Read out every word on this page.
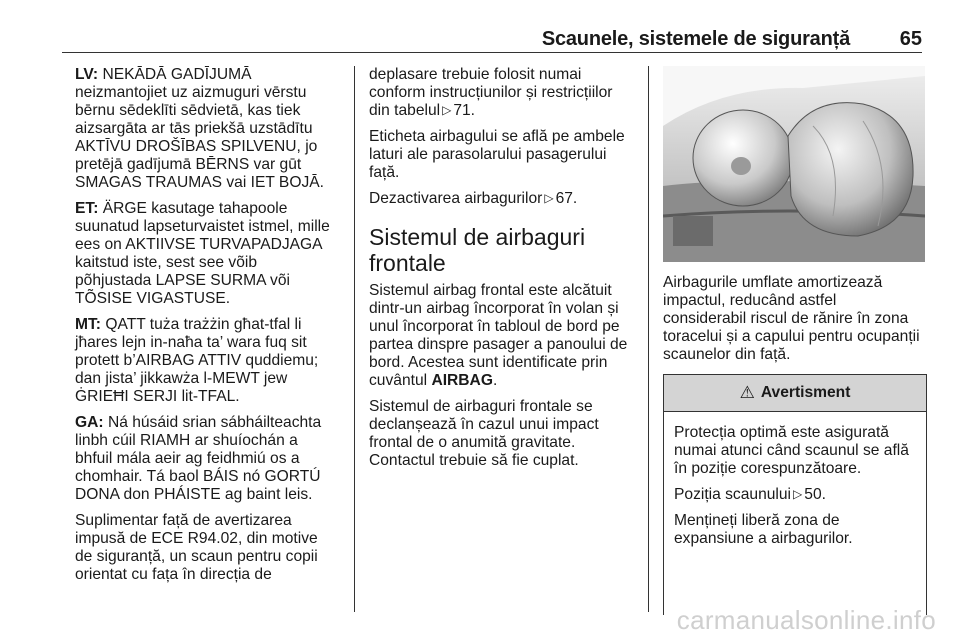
Scaunele, sistemele de siguranță 65

LV: NEKĀDĀ GADĪJUMĀ
neizmantojiet uz aizmuguri vērstu
bērnu sēdeklīti sēdvietā, kas tiek
aizsargāta ar tās priekšā uzstādītu
AKTĪVU DROŠĪBAS SPILVENU, jo
pretējā gadījumā BĒRNS var gūt
SMAGAS TRAUMAS vai IET BOJĀ.

ET: ÄRGE kasutage tahapoole
suunatud lapseturvaistet istmel, mille
ees on AKTIIVSE TURVAPADJAGA
kaitstud iste, sest see võib
põhjustada LAPSE SURMA või
TÕSISE VIGASTUSE.

MT: QATT tuża trażżin għat-tfal li
jħares lejn in-naħa ta’ wara fuq sit
protett b’AIRBAG ATTIV quddiemu;
dan jista’ jikkawża l-MEWT jew
ĠRIEĦI SERJI lit-TFAL.

GA: Ná húsáid srian sábháilteachta
linbh cúil RIAMH ar shuíochán a
bhfuil mála aeir ag feidhmiú os a
chomhair. Tá baol BÁIS nó GORTÚ
DONA don PHÁISTE ag baint leis.

Suplimentar față de avertizarea
impusă de ECE R94.02, din motive
de siguranță, un scaun pentru copii
orientat cu fața în direcția de

deplasare trebuie folosit numai
conform instrucțiunilor și restricțiilor
din tabelul ▷ 71.

Eticheta airbagului se află pe ambele
laturi ale parasolarului pasagerului
față.

Dezactivarea airbagurilor ▷ 67.

Sistemul de airbaguri
frontale

Sistemul airbag frontal este alcătuit
dintr-un airbag încorporat în volan și
unul încorporat în tabloul de bord pe
partea dinspre pasager a panoului de
bord. Acestea sunt identificate prin
cuvântul AIRBAG.

Sistemul de airbaguri frontale se
declanșează în cazul unui impact
frontal de o anumită gravitate.
Contactul trebuie să fie cuplat.

Airbagurile umflate amortizează
impactul, reducând astfel
considerabil riscul de rănire în zona
toracelui și a capului pentru ocupanții
scaunelor din față.

⚠ Avertisment

Protecția optimă este asigurată
numai atunci când scaunul se află
în poziție corespunzătoare.

Poziția scaunului ▷ 50.

Mențineți liberă zona de
expansiune a airbagurilor.

carmanualsonline.info
